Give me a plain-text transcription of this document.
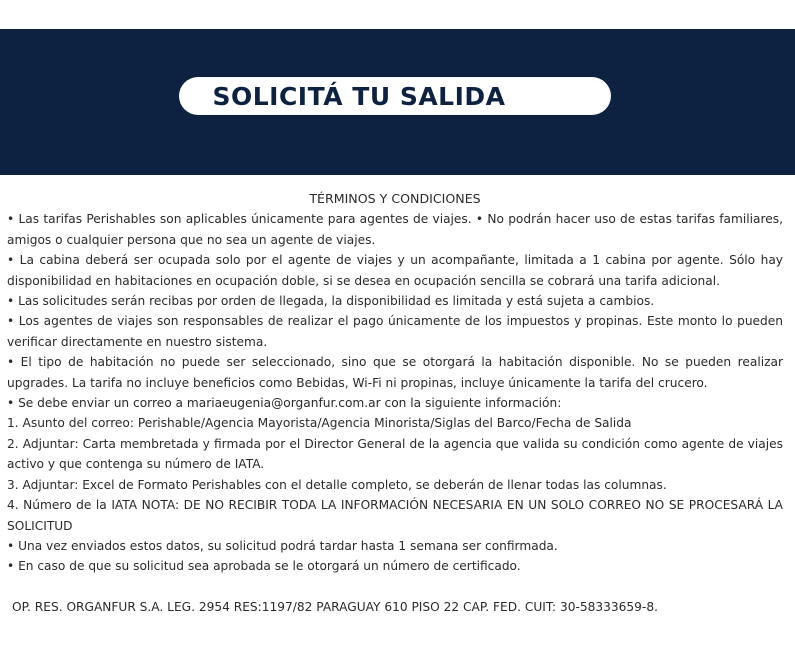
SOLICITÁ TU SALIDA
TÉRMINOS Y CONDICIONES

• Las tarifas Perishables son aplicables únicamente para agentes de viajes. • No podrán hacer uso de estas tarifas familiares, amigos o cualquier persona que no sea un agente de viajes.

• La cabina deberá ser ocupada solo por el agente de viajes y un acompañante, limitada a 1 cabina por agente. Sólo hay disponibilidad en habitaciones en ocupación doble, si se desea en ocupación sencilla se cobrará una tarifa adicional.

• Las solicitudes serán recibas por orden de llegada, la disponibilidad es limitada y está sujeta a cambios.

• Los agentes de viajes son responsables de realizar el pago únicamente de los impuestos y propinas. Este monto lo pueden verificar directamente en nuestro sistema.

• El tipo de habitación no puede ser seleccionado, sino que se otorgará la habitación disponible. No se pueden realizar upgrades. La tarifa no incluye beneficios como Bebidas, Wi-Fi ni propinas, incluye únicamente la tarifa del crucero.

• Se debe enviar un correo a mariaeugenia@organfur.com.ar con la siguiente información:

1. Asunto del correo: Perishable/Agencia Mayorista/Agencia Minorista/Siglas del Barco/Fecha de Salida

2. Adjuntar: Carta membretada y firmada por el Director General de la agencia que valida su condición como agente de viajes activo y que contenga su número de IATA.

3. Adjuntar: Excel de Formato Perishables con el detalle completo, se deberán de llenar todas las columnas.

4. Número de la IATA NOTA: DE NO RECIBIR TODA LA INFORMACIÓN NECESARIA EN UN SOLO CORREO NO SE PROCESARÁ LA SOLICITUD

• Una vez enviados estos datos, su solicitud podrá tardar hasta 1 semana ser confirmada.

• En caso de que su solicitud sea aprobada se le otorgará un número de certificado.

OP. RES. ORGANFUR S.A. LEG. 2954 RES:1197/82 PARAGUAY 610 PISO 22 CAP. FED. CUIT: 30-58333659-8.
